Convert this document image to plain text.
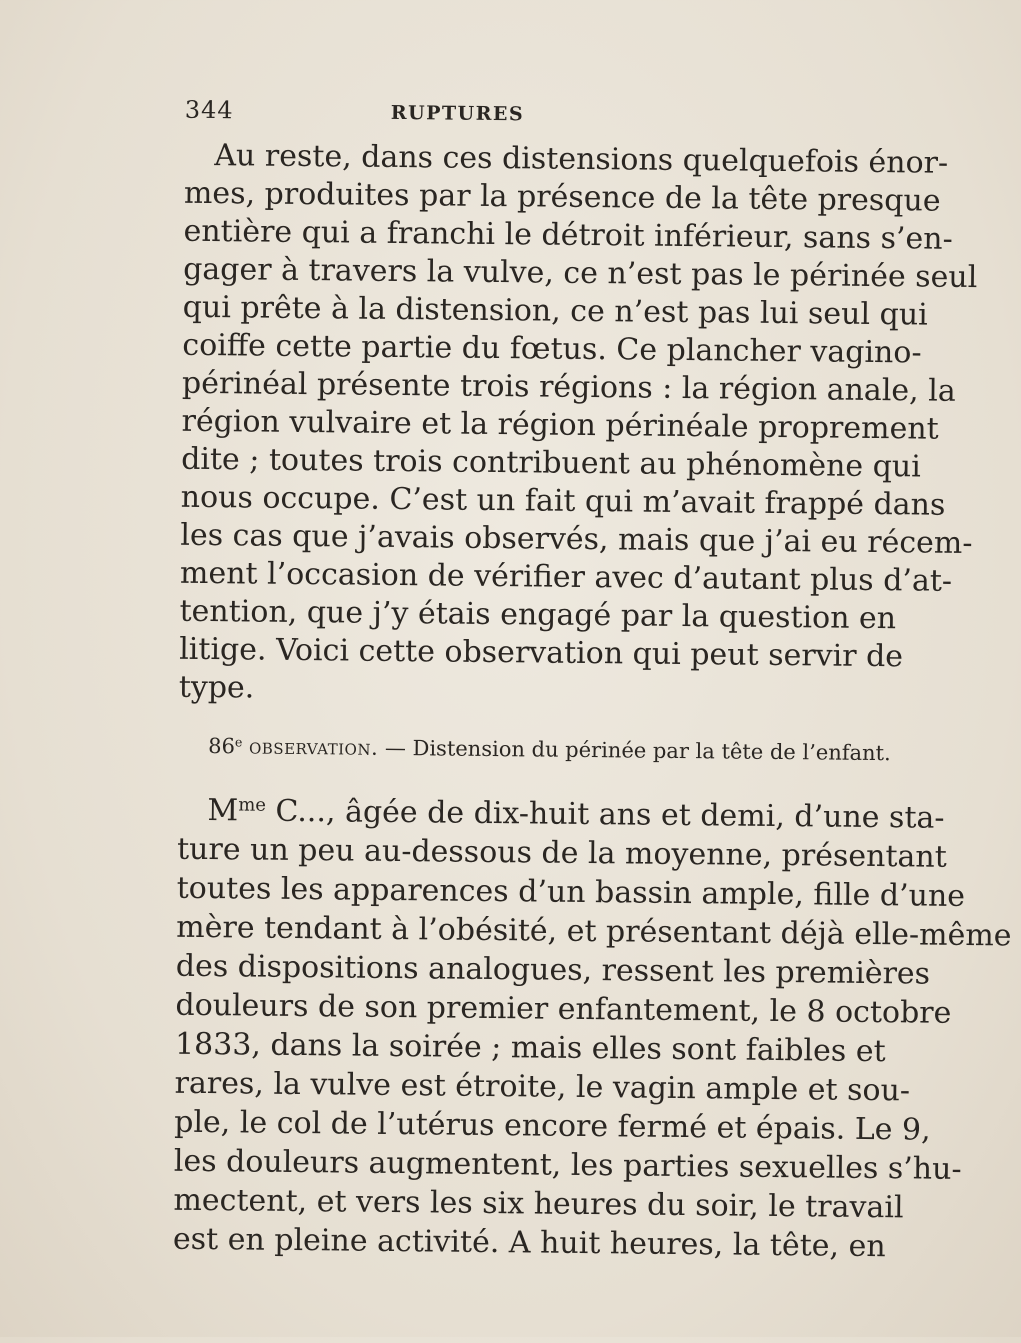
344	RUPTURES
Au reste, dans ces distensions quelquefois énor-
mes, produites par la présence de la tête presque
entière qui a franchi le détroit inférieur, sans s’en-
gager à travers la vulve, ce n’est pas le périnée seul
qui prête à la distension, ce n’est pas lui seul qui
coiffe cette partie du fœtus. Ce plancher vagino-
périnéal présente trois régions : la région anale, la
région vulvaire et la région périnéale proprement
dite ; toutes trois contribuent au phénomène qui
nous occupe. C’est un fait qui m’avait frappé dans
les cas que j’avais observés, mais que j’ai eu récem-
ment l’occasion de vérifier avec d’autant plus d’at-
tention, que j’y étais engagé par la question en
litige. Voici cette observation qui peut servir de
type.
86e observation. — Distension du périnée par la tête de l’enfant.
$M^{me}$ C..., âgée de dix-huit ans et demi, d’une sta-
ture un peu au-dessous de la moyenne, présentant
toutes les apparences d’un bassin ample, fille d’une
mère tendant à l’obésité, et présentant déjà elle-même
des dispositions analogues, ressent les premières
douleurs de son premier enfantement, le 8 octobre
1833, dans la soirée ; mais elles sont faibles et
rares, la vulve est étroite, le vagin ample et sou-
ple, le col de l’utérus encore fermé et épais. Le 9,
les douleurs augmentent, les parties sexuelles s’hu-
mectent, et vers les six heures du soir, le travail
est en pleine activité. A huit heures, la tête, en
